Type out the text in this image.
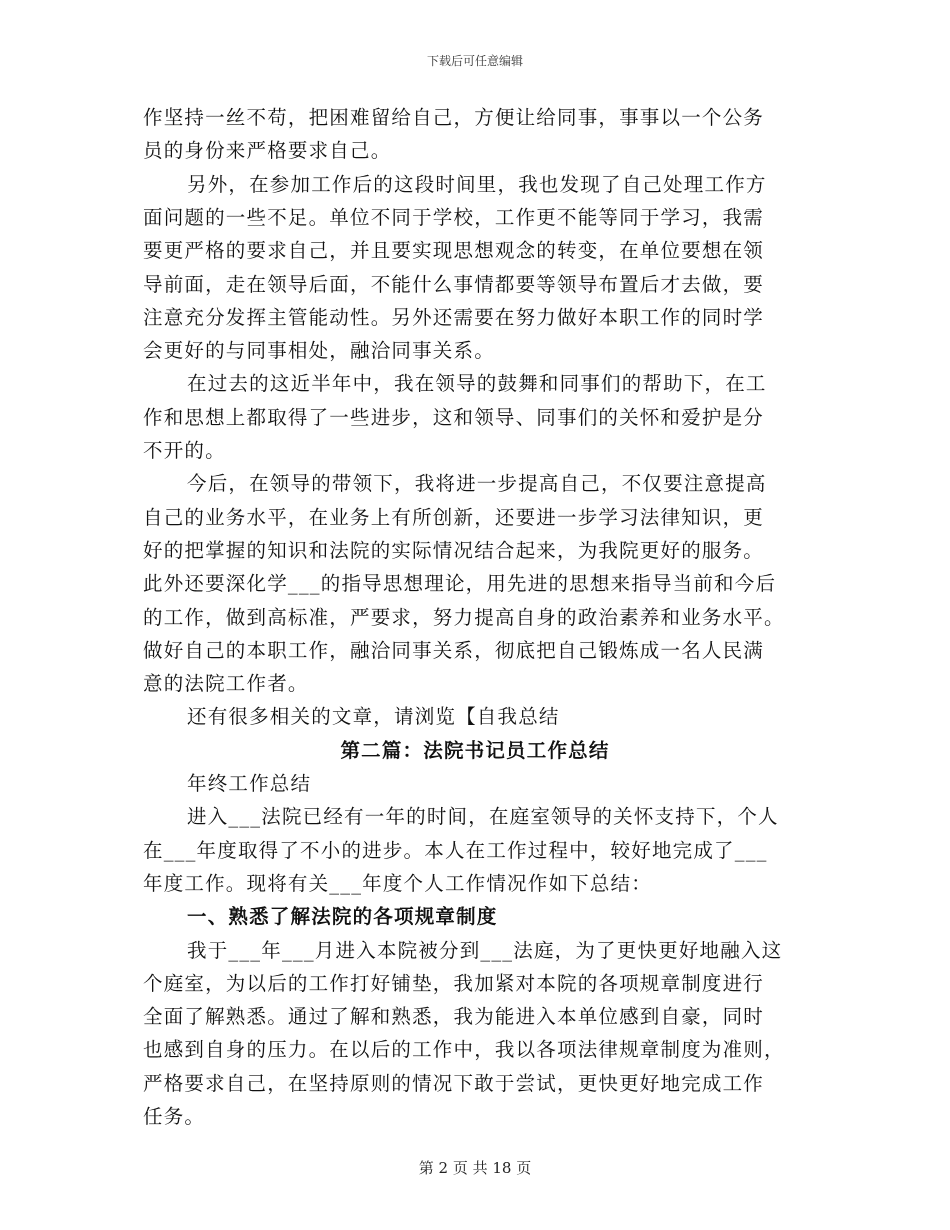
下载后可任意编辑
作坚持一丝不苟，把困难留给自己，方便让给同事，事事以一个公务
员的身份来严格要求自己。
另外，在参加工作后的这段时间里，我也发现了自己处理工作方
面问题的一些不足。单位不同于学校，工作更不能等同于学习，我需
要更严格的要求自己，并且要实现思想观念的转变，在单位要想在领
导前面，走在领导后面，不能什么事情都要等领导布置后才去做，要
注意充分发挥主管能动性。另外还需要在努力做好本职工作的同时学
会更好的与同事相处，融洽同事关系。
在过去的这近半年中，我在领导的鼓舞和同事们的帮助下，在工
作和思想上都取得了一些进步，这和领导、同事们的关怀和爱护是分
不开的。
今后，在领导的带领下，我将进一步提高自己，不仅要注意提高
自己的业务水平，在业务上有所创新，还要进一步学习法律知识，更
好的把掌握的知识和法院的实际情况结合起来，为我院更好的服务。
此外还要深化学___的指导思想理论，用先进的思想来指导当前和今后
的工作，做到高标准，严要求，努力提高自身的政治素养和业务水平。
做好自己的本职工作，融洽同事关系，彻底把自己锻炼成一名人民满
意的法院工作者。
还有很多相关的文章，请浏览【自我总结
第二篇：法院书记员工作总结
年终工作总结
进入___法院已经有一年的时间，在庭室领导的关怀支持下，个人
在___年度取得了不小的进步。本人在工作过程中，较好地完成了___
年度工作。现将有关___年度个人工作情况作如下总结：
一、熟悉了解法院的各项规章制度
我于___年___月进入本院被分到___法庭，为了更快更好地融入这
个庭室，为以后的工作打好铺垫，我加紧对本院的各项规章制度进行
全面了解熟悉。通过了解和熟悉，我为能进入本单位感到自豪，同时
也感到自身的压力。在以后的工作中，我以各项法律规章制度为准则，
严格要求自己，在坚持原则的情况下敢于尝试，更快更好地完成工作
任务。
第 2 页 共 18 页
